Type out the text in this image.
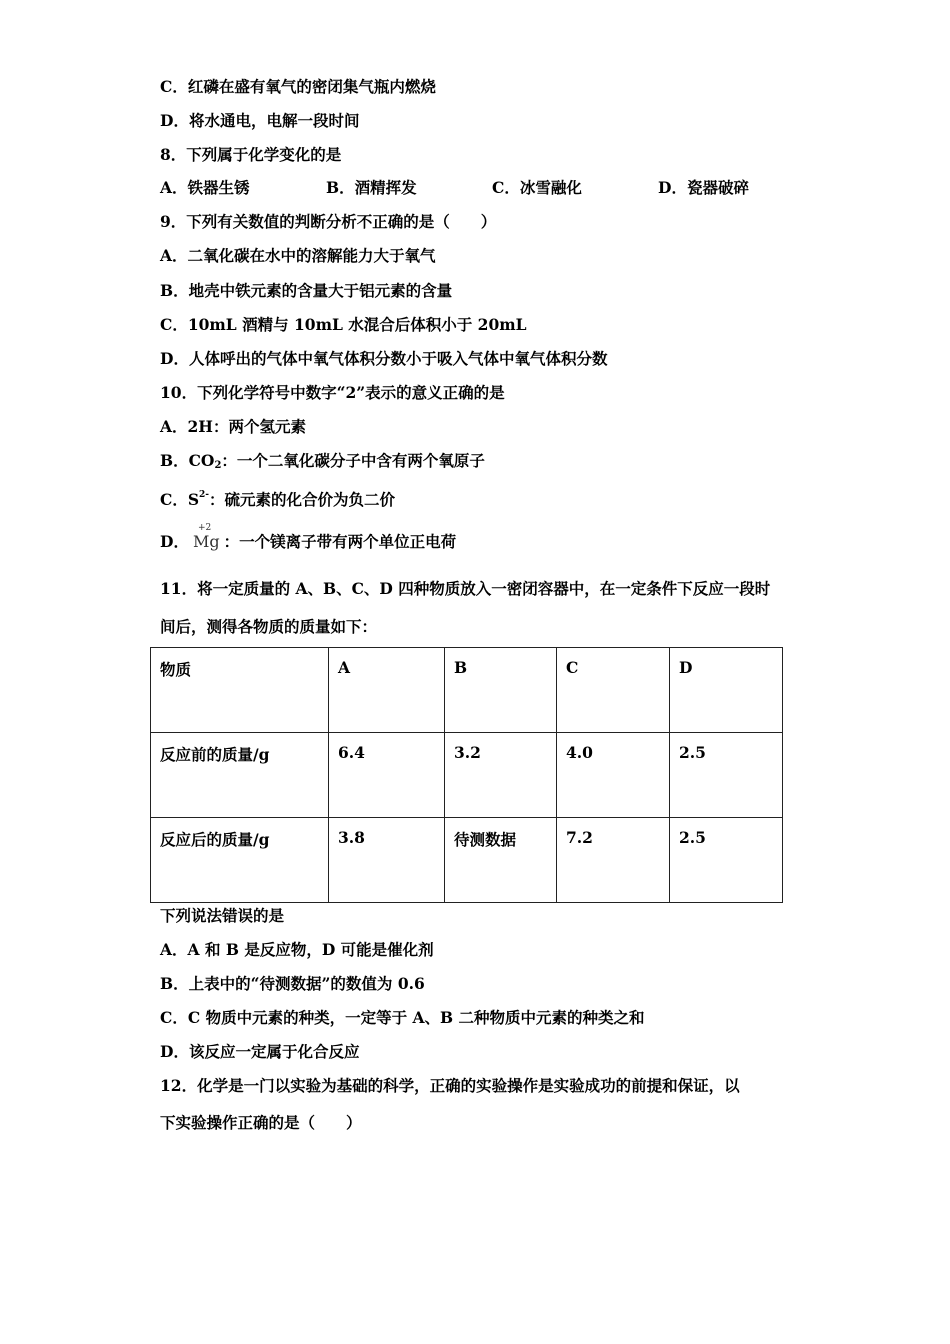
C．红磷在盛有氧气的密闭集气瓶内燃烧
D．将水通电，电解一段时间
8．下列属于化学变化的是
A．铁器生锈	B．酒精挥发	C．冰雪融化	D．瓷器破碎
9．下列有关数值的判断分析不正确的是（　　）
A．二氧化碳在水中的溶解能力大于氧气
B．地壳中铁元素的含量大于铝元素的含量
C．10mL 酒精与 10mL 水混合后体积小于 20mL
D．人体呼出的气体中氧气体积分数小于吸入气体中氧气体积分数
10．下列化学符号中数字“2”表示的意义正确的是
A．2H：两个氢元素
B．$CO_2$：一个二氧化碳分子中含有两个氧原子
C．$S^{2-}$：硫元素的化合价为负二价
D．
+2
Mg ：一个镁离子带有两个单位正电荷
11．将一定质量的 A、B、C、D 四种物质放入一密闭容器中，在一定条件下反应一段时
间后，测得各物质的质量如下：
物质	A	B	C	D
反应前的质量/g	6.4	3.2	4.0	2.5
反应后的质量/g	3.8	待测数据	7.2	2.5
下列说法错误的是
A．A 和 B 是反应物，D 可能是催化剂
B．上表中的“待测数据”的数值为 0.6
C．C 物质中元素的种类，一定等于 A、B 二种物质中元素的种类之和
D．该反应一定属于化合反应
12．化学是一门以实验为基础的科学，正确的实验操作是实验成功的前提和保证，以
下实验操作正确的是（　　）
